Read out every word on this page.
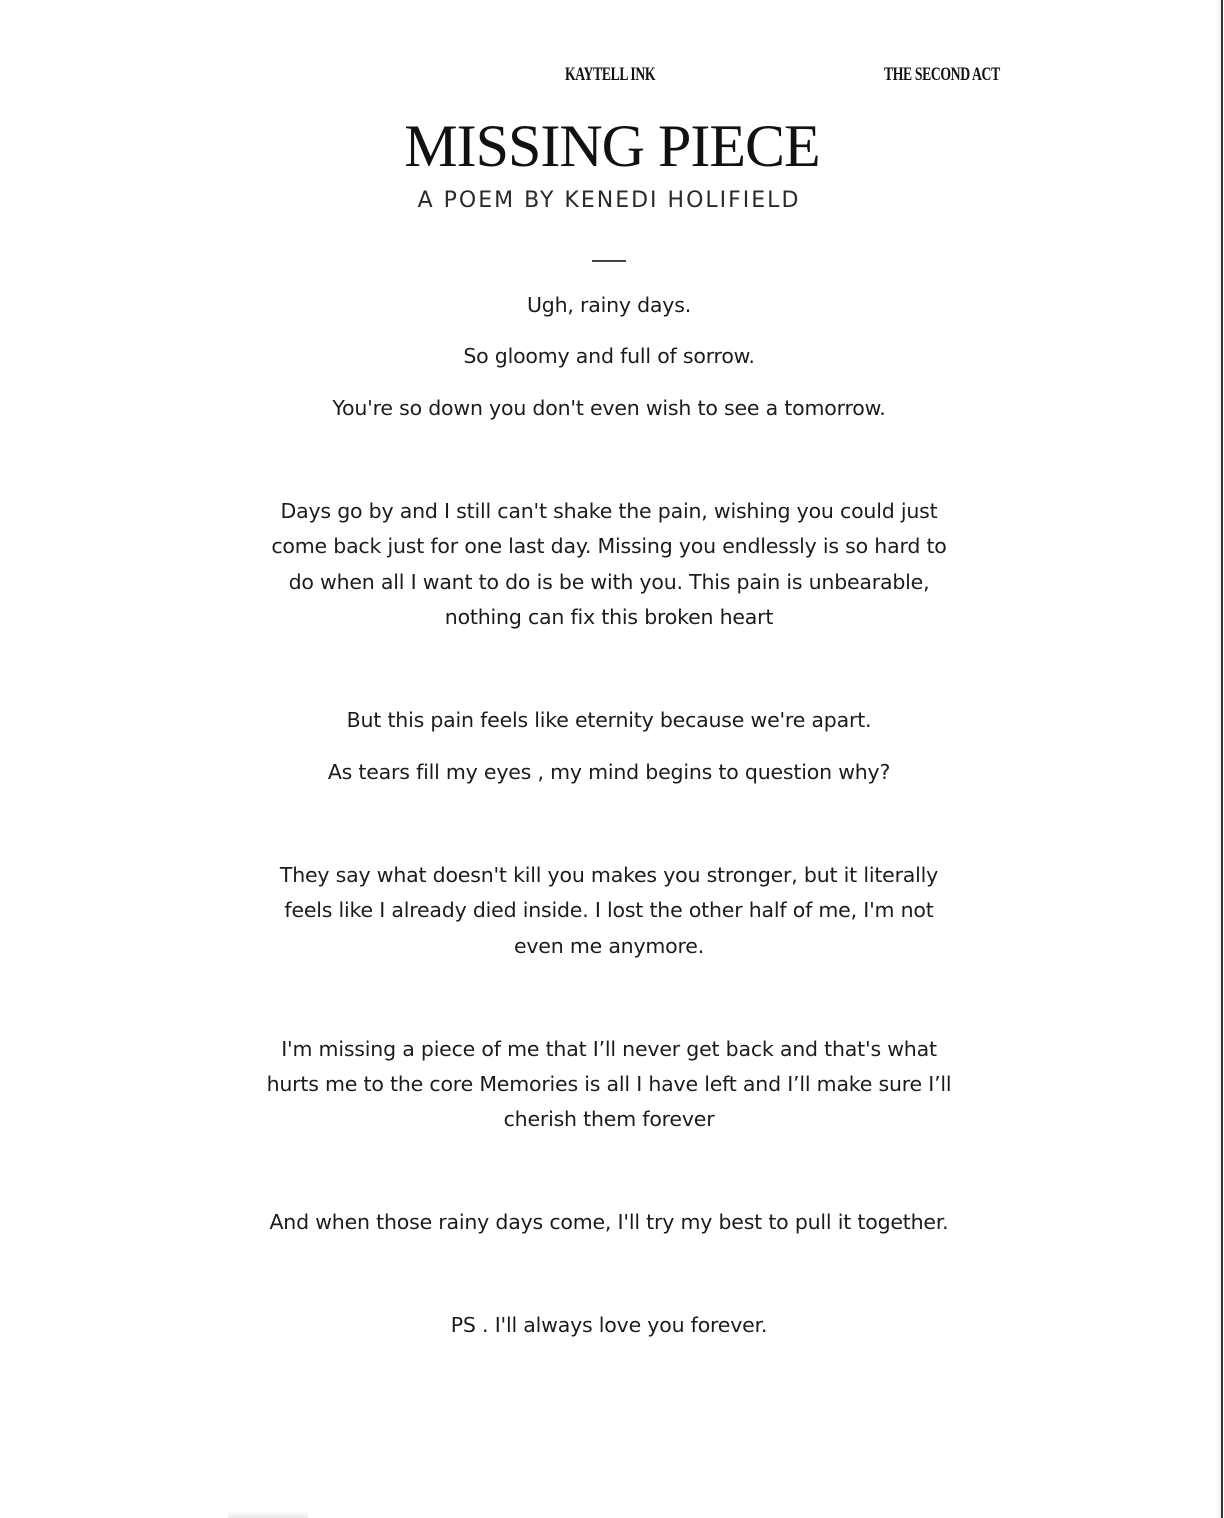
KAYTELL INK	THE SECOND ACT
MISSING PIECE
A POEM BY KENEDI HOLIFIELD
Ugh, rainy days.
So gloomy and full of sorrow.
You're so down you don't even wish to see a tomorrow.
Days go by and I still can't shake the pain, wishing you could just
come back just for one last day. Missing you endlessly is so hard to
do when all I want to do is be with you. This pain is unbearable,
nothing can fix this broken heart
But this pain feels like eternity because we're apart.
As tears fill my eyes , my mind begins to question why?
They say what doesn't kill you makes you stronger, but it literally
feels like I already died inside. I lost the other half of me, I'm not
even me anymore.
I'm missing a piece of me that I’ll never get back and that's what
hurts me to the core Memories is all I have left and I’ll make sure I’ll
cherish them forever
And when those rainy days come, I'll try my best to pull it together.
PS . I'll always love you forever.
